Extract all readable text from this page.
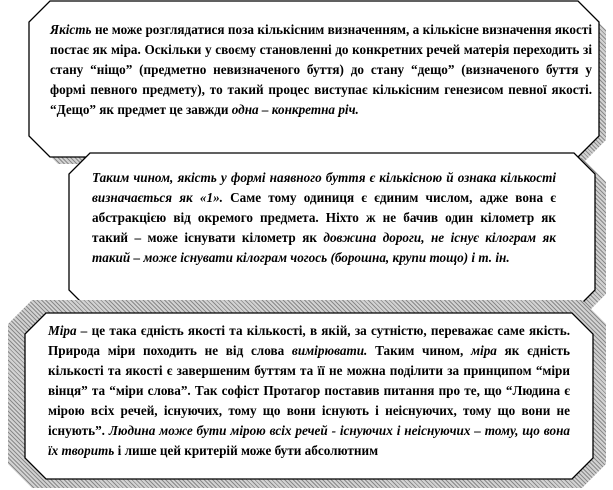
Якість не може розглядатися поза кількісним визначенням, а кількісне визначення якості постає як міра. Оскільки у своєму становленні до конкретних речей матерія переходить зі стану “ніщо” (предметно невизначеного буття) до стану “дещо” (визначеного буття у формі певного предмету), то такий процес виступає кількісним генезисом певної якості. “Дещо” як предмет це завжди одна – конкретна річ.

Таким чином, якість у формі наявного буття є кількісною й ознака кількості визначається як «1». Саме тому одиниця є єдиним числом, адже вона є абстракцією від окремого предмета. Ніхто ж не бачив один кілометр як такий – може існувати кілометр як довжина дороги, не існує кілограм як такий – може існувати кілограм чогось (борошна, крупи тощо) і т. ін.

Міра – це така єдність якості та кількості, в якій, за сутністю, переважає саме якість. Природа міри походить не від слова вимірювати. Таким чином, міра як єдність кількості та якості є завершеним буттям та її не можна поділити за принципом “міри вінця” та “міри слова”. Так софіст Протагор поставив питання про те, що “Людина є мірою всіх речей, існуючих, тому що вони існують і неіснуючих, тому що вони не існують”. Людина може бути мірою всіх речей - існуючих і неіснуючих – тому, що вона їх творить і лише цей критерій може бути абсолютним
